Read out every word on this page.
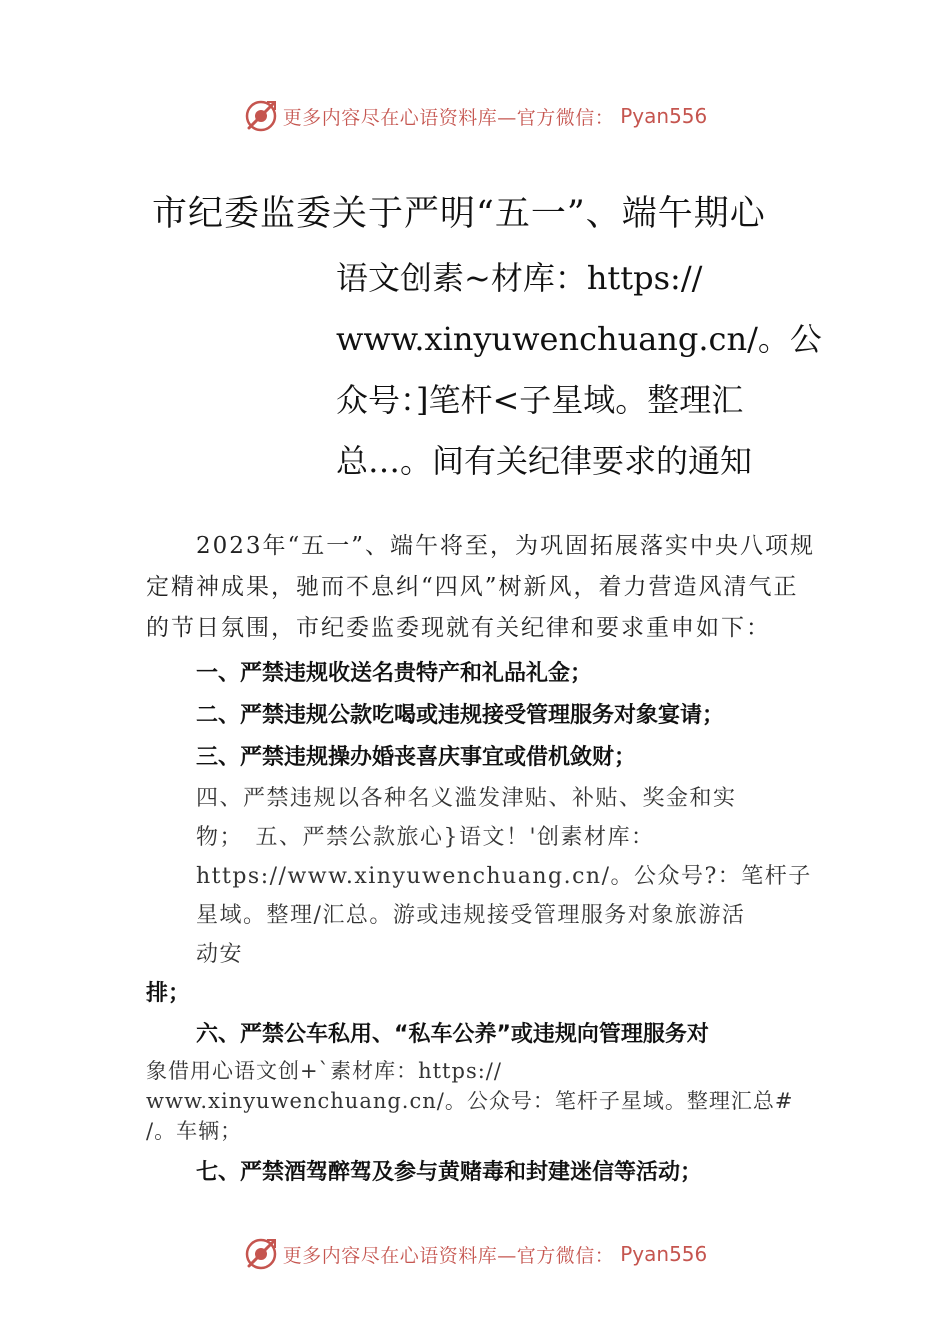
更多内容尽在心语资料库—官方微信： Pyan556
市纪委监委关于严明“五一”、端午期心
语文创素~材库：https://
www.xinyuwenchuang.cn/。公
众号：]笔杆<子星域。整理汇
总…。间有关纪律要求的通知

2023年“五一”、端午将至，为巩固拓展落实中央八项规定精神成果，驰而不息纠“四风”树新风，着力营造风清气正的节日氛围，市纪委监委现就有关纪律和要求重申如下：

一、严禁违规收送名贵特产和礼品礼金；
二、严禁违规公款吃喝或违规接受管理服务对象宴请；
三、严禁违规操办婚丧喜庆事宜或借机敛财；
四、严禁违规以各种名义滥发津贴、补贴、奖金和实
物；　五、严禁公款旅心}语文！'创素材库：
https://www.xinyuwenchuang.cn/。公众号?：笔杆子
星域。整理/汇总。游或违规接受管理服务对象旅游活
动安
排；
六、严禁公车私用、“私车公养”或违规向管理服务对
象借用心语文创+`素材库：https://
www.xinyuwenchuang.cn/。公众号：笔杆子星域。整理汇总#
/。车辆；
七、严禁酒驾醉驾及参与黄赌毒和封建迷信等活动；
更多内容尽在心语资料库—官方微信： Pyan556
